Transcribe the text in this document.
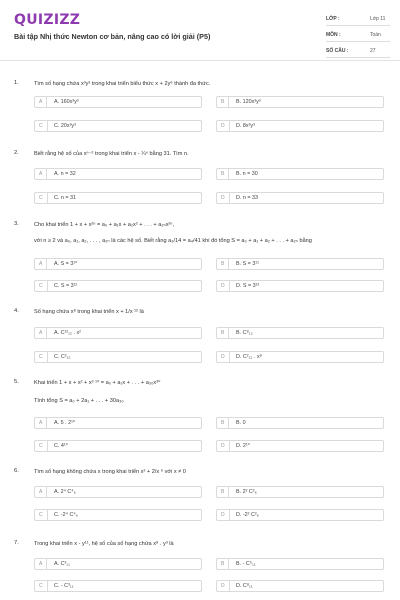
QUIZIZZ
Bài tập Nhị thức Newton cơ bản, nâng cao có lời giải (P5)
LỚP :	Lớp 11
MÔN :	Toán
SỐ CÂU :	27
1.	Tìm số hạng chứa x³y³ trong khai triển biểu thức x + 2y⁶ thành đa thức.
A	A. 160x³y³	B	B. 120x³y³
C	C. 20x³y³	D	D. 8x³y³
2.	Biết rằng hệ số của xⁿ⁻² trong khai triển x - ¼ⁿ bằng 31. Tìm n.
A	A. n = 32	B	B. n = 30
C	C. n = 31	D	D. n = 33
3.	Cho khai triển 1 + x + x²ⁿ = a₀ + a₁x + a₂x² + . . . + a₂ₙx²ⁿ,
với n ≥ 2 và a₀, a₁, a₂, . . . , a₂ₙ là các hệ số. Biết rằng a₃/14 = a₄/41 khi đó tổng S = a₀ + a₁ + a₂ + . . . + a₂ₙ bằng
A	A. S = 3¹⁰	B	B. S = 3¹¹
C	C. S = 3¹²	D	D. S = 3¹³
4.	Số hạng chứa x⁸ trong khai triển x + 1/x ¹² là
A	A. C¹²₁₂ . x²	B	B. C⁸₁₂
C	C. C²₁₂	D	D. C²₁₂ . x⁸
5.	Khai triển 1 + x + x² + x³ ¹⁰ = a₀ + a₁x + . . . + a₃₀x³⁰
Tính tổng S = a₀ + 2a₁ + . . . + 30a₃₀
A	A. 5 . 2¹⁰	B	B. 0
C	C. 4¹⁰	D	D. 2¹⁰
6.	Tìm số hạng không chứa x trong khai triển x² + 2/x ⁶ với x ≠ 0
A	A. 2⁴ C⁴₆	B	B. 2² C²₆
C	C. -2⁴ C⁴₆	D	D. -2² C²₆
7.	Trong khai triển x - y¹¹, hệ số của số hạng chứa x⁸ . y³ là
A	A. C³₁₁	B	B. - C⁵₁₁
C	C. - C³₁₁	D	D. C⁸₁₁
